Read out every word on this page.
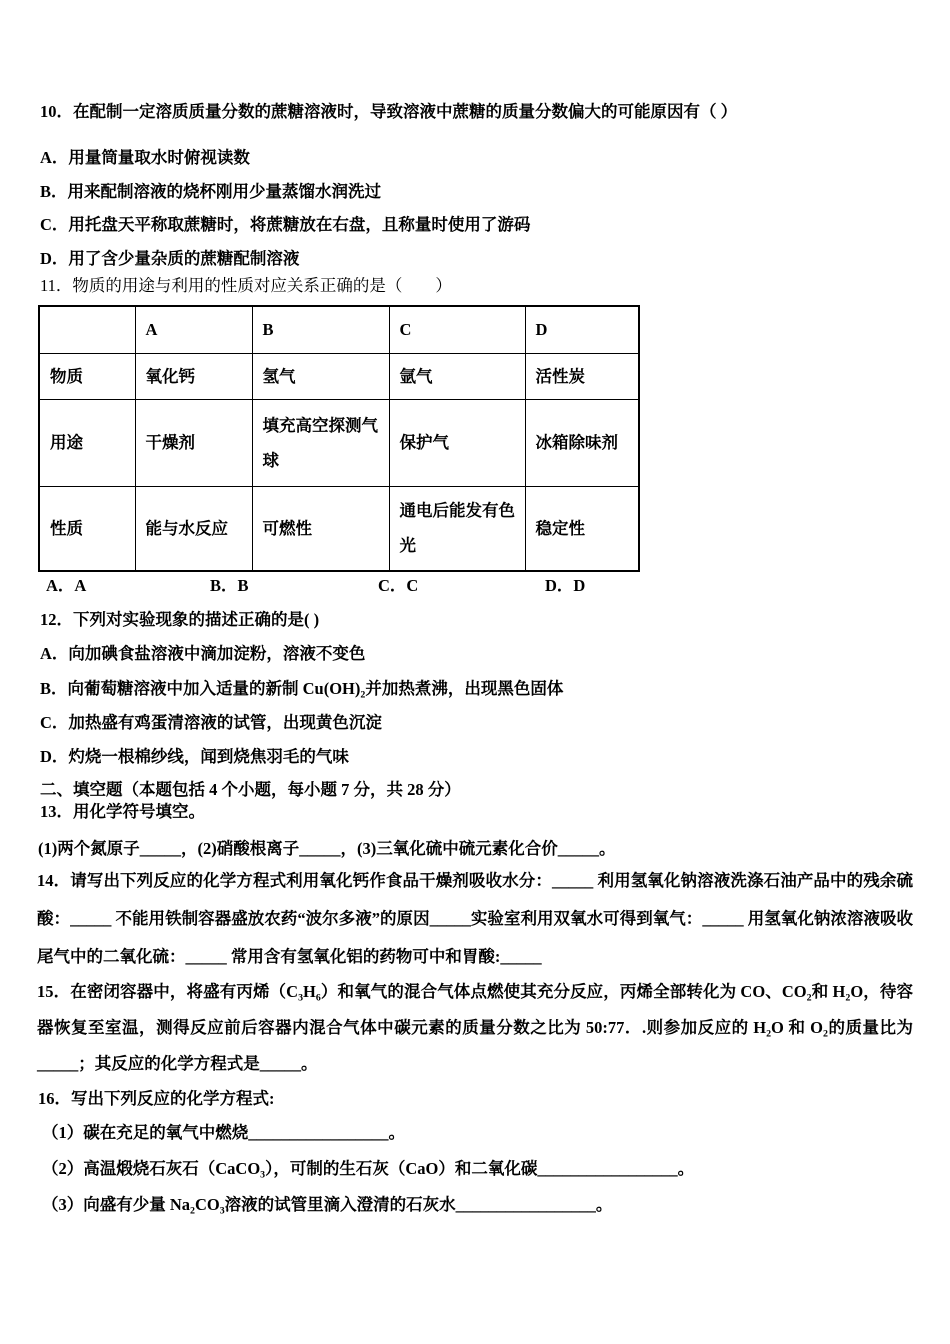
10．在配制一定溶质质量分数的蔗糖溶液时，导致溶液中蔗糖的质量分数偏大的可能原因有（ ）
A．用量筒量取水时俯视读数
B．用来配制溶液的烧杯刚用少量蒸馏水润洗过
C．用托盘天平称取蔗糖时，将蔗糖放在右盘，且称量时使用了游码
D．用了含少量杂质的蔗糖配制溶液
11．物质的用途与利用的性质对应关系正确的是（　　）
	A	B	C	D
物质	氧化钙	氢气	氩气	活性炭
用途	干燥剂	填充高空探测气球	保护气	冰箱除味剂
性质	能与水反应	可燃性	通电后能发有色光	稳定性
A．A	B．B	C．C	D．D
12．下列对实验现象的描述正确的是( )
A．向加碘食盐溶液中滴加淀粉，溶液不变色
B．向葡萄糖溶液中加入适量的新制 Cu(OH)₂并加热煮沸，出现黑色固体
C．加热盛有鸡蛋清溶液的试管，出现黄色沉淀
D．灼烧一根棉纱线，闻到烧焦羽毛的气味
二、填空题（本题包括 4 个小题，每小题 7 分，共 28 分）
13．用化学符号填空。
(1)两个氮原子_____，(2)硝酸根离子_____，(3)三氧化硫中硫元素化合价_____。
14．请写出下列反应的化学方程式利用氧化钙作食品干燥剂吸收水分：_____ 利用氢氧化钠溶液洗涤石油产品中的残余硫酸：_____ 不能用铁制容器盛放农药“波尔多液”的原因_____实验室利用双氧水可得到氧气：_____ 用氢氧化钠浓溶液吸收尾气中的二氧化硫：_____ 常用含有氢氧化铝的药物可中和胃酸:_____
15．在密闭容器中，将盛有丙烯（C₃H₆）和氧气的混合气体点燃使其充分反应，丙烯全部转化为 CO、CO₂和 H₂O，待容器恢复至室温，测得反应前后容器内混合气体中碳元素的质量分数之比为 50:77．.则参加反应的 H₂O 和 O₂的质量比为_____；其反应的化学方程式是_____。
16．写出下列反应的化学方程式:
（1）碳在充足的氧气中燃烧_________________。
（2）高温煅烧石灰石（CaCO₃），可制的生石灰（CaO）和二氧化碳_________________。
（3）向盛有少量 Na₂CO₃溶液的试管里滴入澄清的石灰水_________________。
